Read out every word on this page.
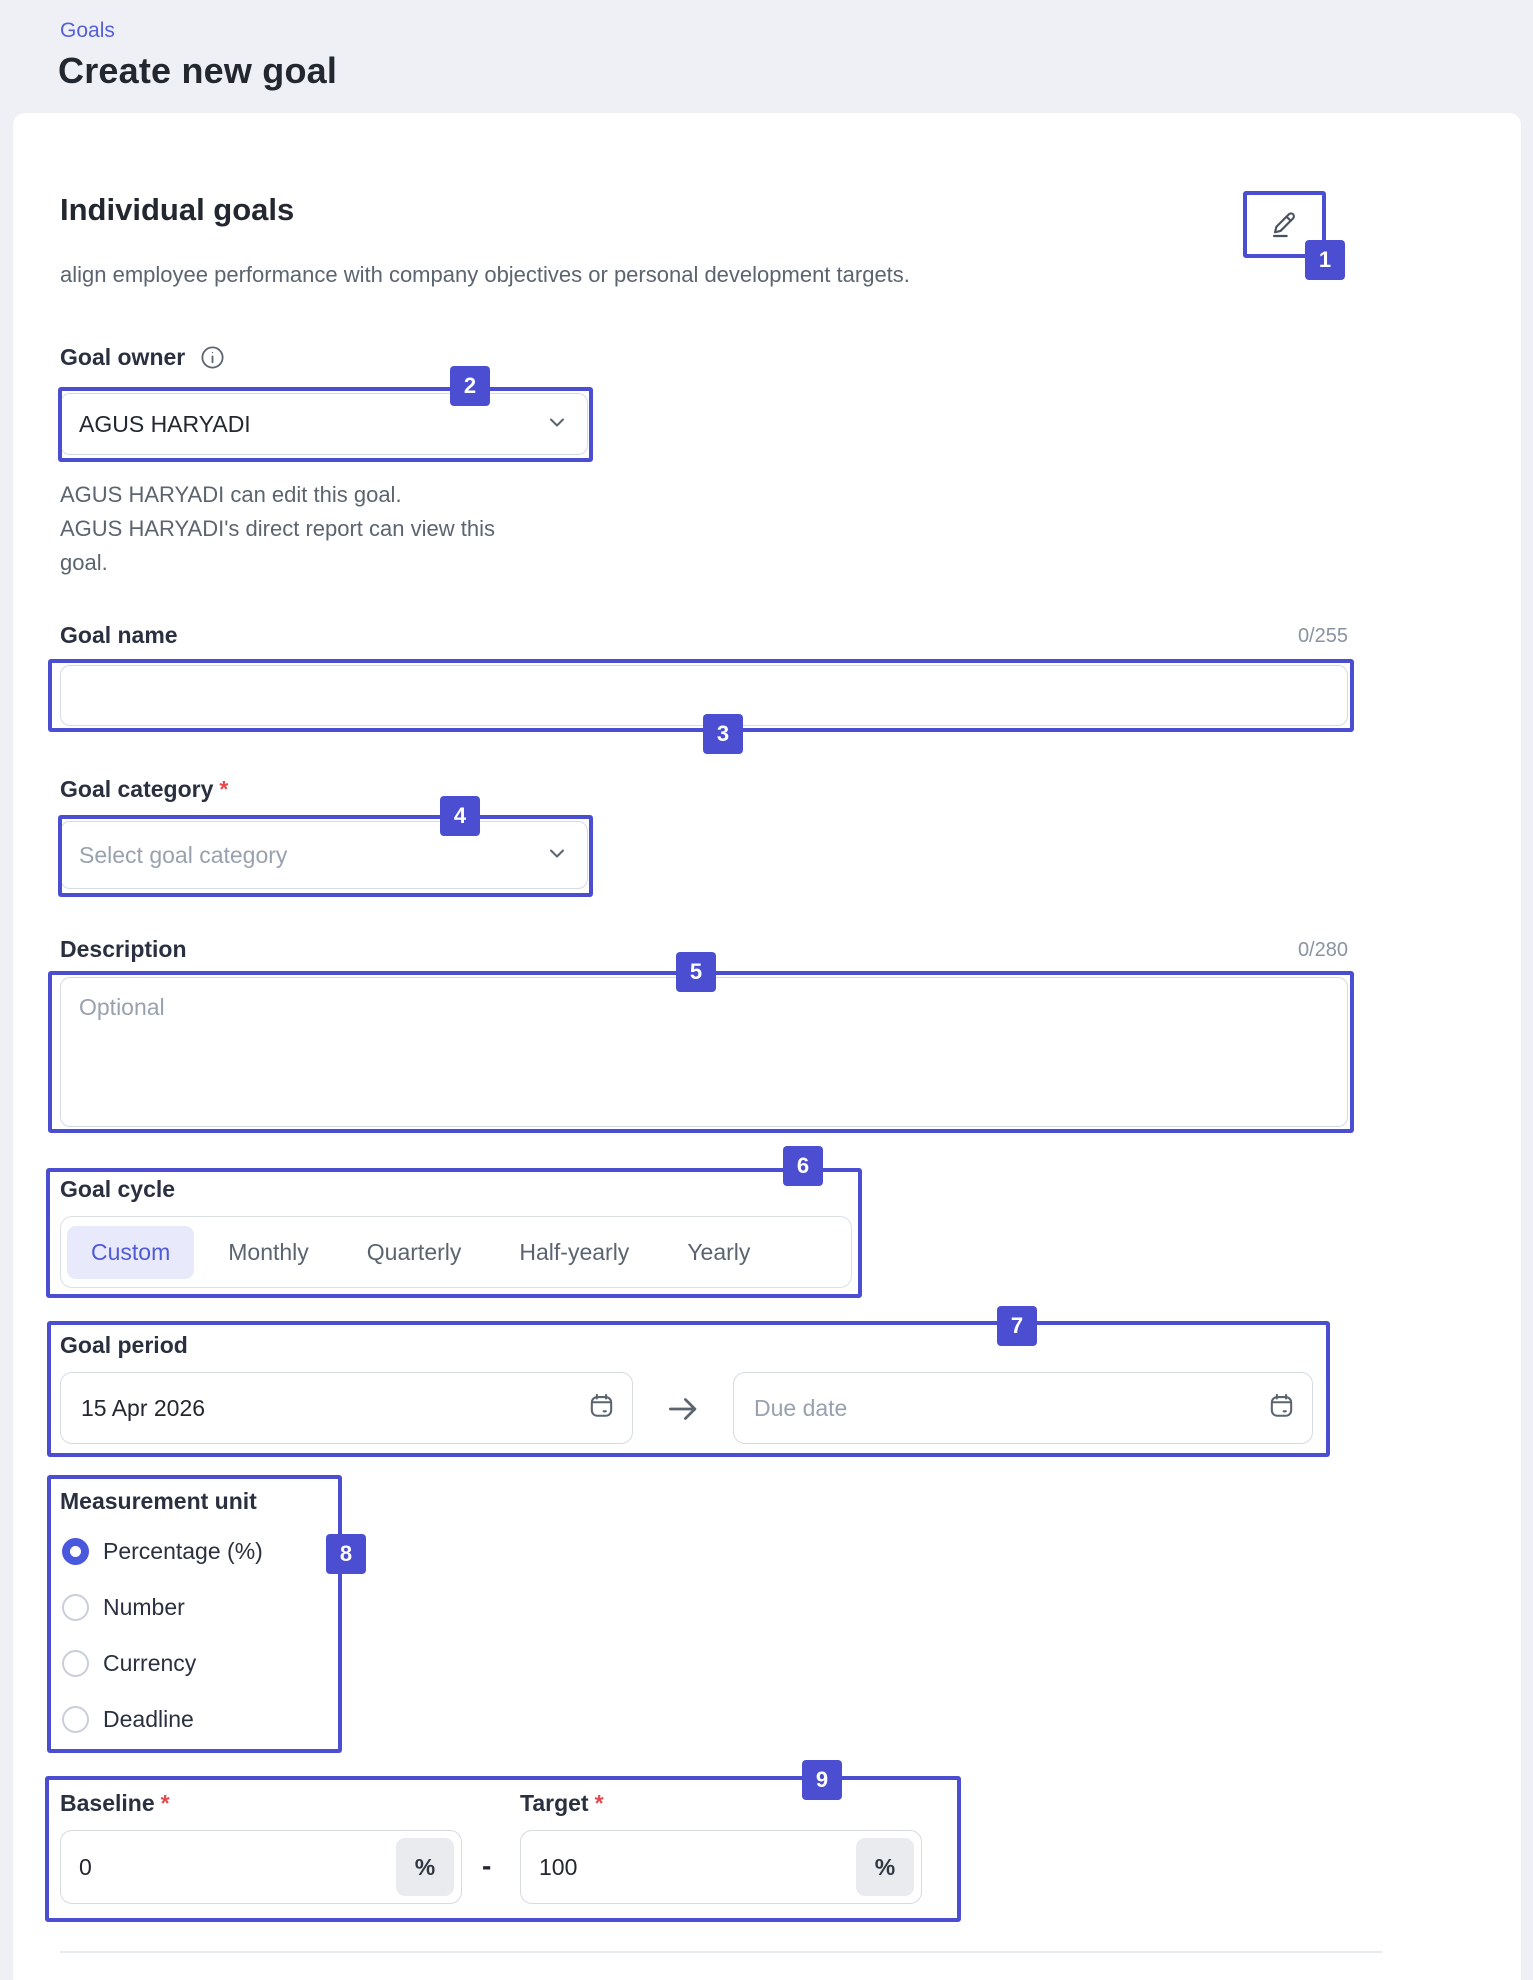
Goals
Create new goal
Individual goals
align employee performance with company objectives or personal development targets.
Goal owner
AGUS HARYADI
AGUS HARYADI can edit this goal.
AGUS HARYADI's direct report can view this goal.
Goal name	0/255
Goal category *
Select goal category
Description	0/280
Optional
Goal cycle
Custom	Monthly	Quarterly	Half-yearly	Yearly
Goal period
15 Apr 2026
Due date
Measurement unit
Percentage (%)
Number
Currency
Deadline
Baseline *
0
%	-
Target *
100
%
1
2
3
4
5
6
7
8
9
